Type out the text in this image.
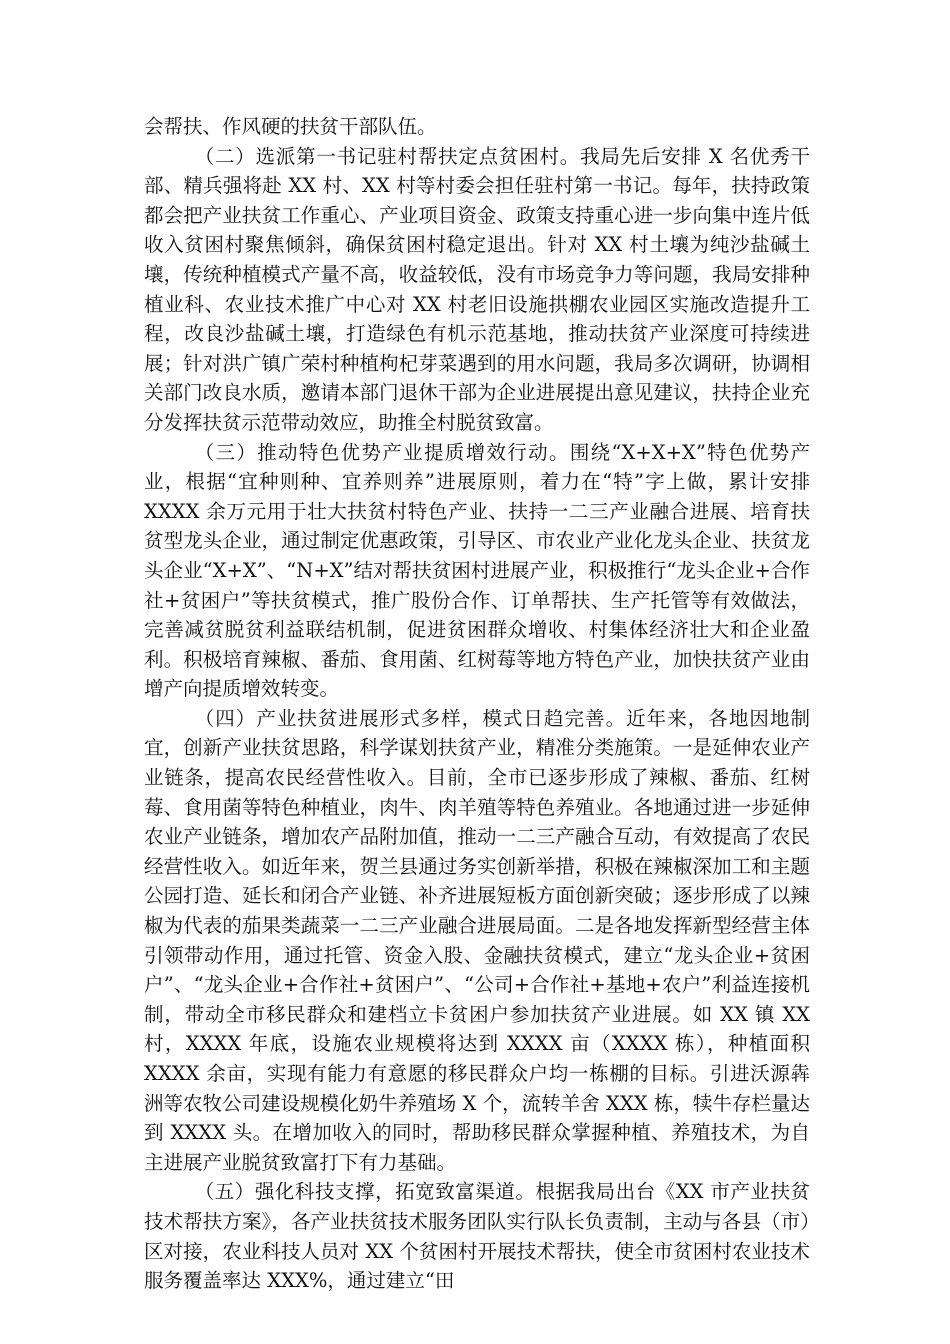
会帮扶、作风硬的扶贫干部队伍。

（二）选派第一书记驻村帮扶定点贫困村。我局先后安排 X 名优秀干部、精兵强将赴 XX 村、XX 村等村委会担任驻村第一书记。每年，扶持政策都会把产业扶贫工作重心、产业项目资金、政策支持重心进一步向集中连片低收入贫困村聚焦倾斜，确保贫困村稳定退出。针对 XX 村土壤为纯沙盐碱土壤，传统种植模式产量不高，收益较低，没有市场竞争力等问题，我局安排种植业科、农业技术推广中心对 XX 村老旧设施拱棚农业园区实施改造提升工程，改良沙盐碱土壤，打造绿色有机示范基地，推动扶贫产业深度可持续进展；针对洪广镇广荣村种植枸杞芽菜遇到的用水问题，我局多次调研，协调相关部门改良水质，邀请本部门退休干部为企业进展提出意见建议，扶持企业充分发挥扶贫示范带动效应，助推全村脱贫致富。

（三）推动特色优势产业提质增效行动。围绕“X+X+X”特色优势产业，根据“宜种则种、宜养则养”进展原则，着力在“特”字上做，累计安排 XXXX 余万元用于壮大扶贫村特色产业、扶持一二三产业融合进展、培育扶贫型龙头企业，通过制定优惠政策，引导区、市农业产业化龙头企业、扶贫龙头企业“X+X”、“N+X”结对帮扶贫困村进展产业，积极推行“龙头企业+合作社+贫困户”等扶贫模式，推广股份合作、订单帮扶、生产托管等有效做法，完善减贫脱贫利益联结机制，促进贫困群众增收、村集体经济壮大和企业盈利。积极培育辣椒、番茄、食用菌、红树莓等地方特色产业，加快扶贫产业由增产向提质增效转变。

（四）产业扶贫进展形式多样，模式日趋完善。近年来，各地因地制宜，创新产业扶贫思路，科学谋划扶贫产业，精准分类施策。一是延伸农业产业链条，提高农民经营性收入。目前，全市已逐步形成了辣椒、番茄、红树莓、食用菌等特色种植业，肉牛、肉羊殖等特色养殖业。各地通过进一步延伸农业产业链条，增加农产品附加值，推动一二三产融合互动，有效提高了农民经营性收入。如近年来，贺兰县通过务实创新举措，积极在辣椒深加工和主题公园打造、延长和闭合产业链、补齐进展短板方面创新突破；逐步形成了以辣椒为代表的茄果类蔬菜一二三产业融合进展局面。二是各地发挥新型经营主体引领带动作用，通过托管、资金入股、金融扶贫模式，建立“龙头企业+贫困户”、“龙头企业+合作社+贫困户”、“公司+合作社+基地+农户”利益连接机制，带动全市移民群众和建档立卡贫困户参加扶贫产业进展。如 XX 镇 XX 村，XXXX 年底，设施农业规模将达到 XXXX 亩（XXXX 栋），种植面积 XXXX 余亩，实现有能力有意愿的移民群众户均一栋棚的目标。引进沃源犇洲等农牧公司建设规模化奶牛养殖场 X 个，流转羊舍 XXX 栋，犊牛存栏量达到 XXXX 头。在增加收入的同时，帮助移民群众掌握种植、养殖技术，为自主进展产业脱贫致富打下有力基础。

（五）强化科技支撑，拓宽致富渠道。根据我局出台《XX 市产业扶贫技术帮扶方案》，各产业扶贫技术服务团队实行队长负责制，主动与各县（市）区对接，农业科技人员对 XX 个贫困村开展技术帮扶，使全市贫困村农业技术服务覆盖率达 XXX%，通过建立“田
